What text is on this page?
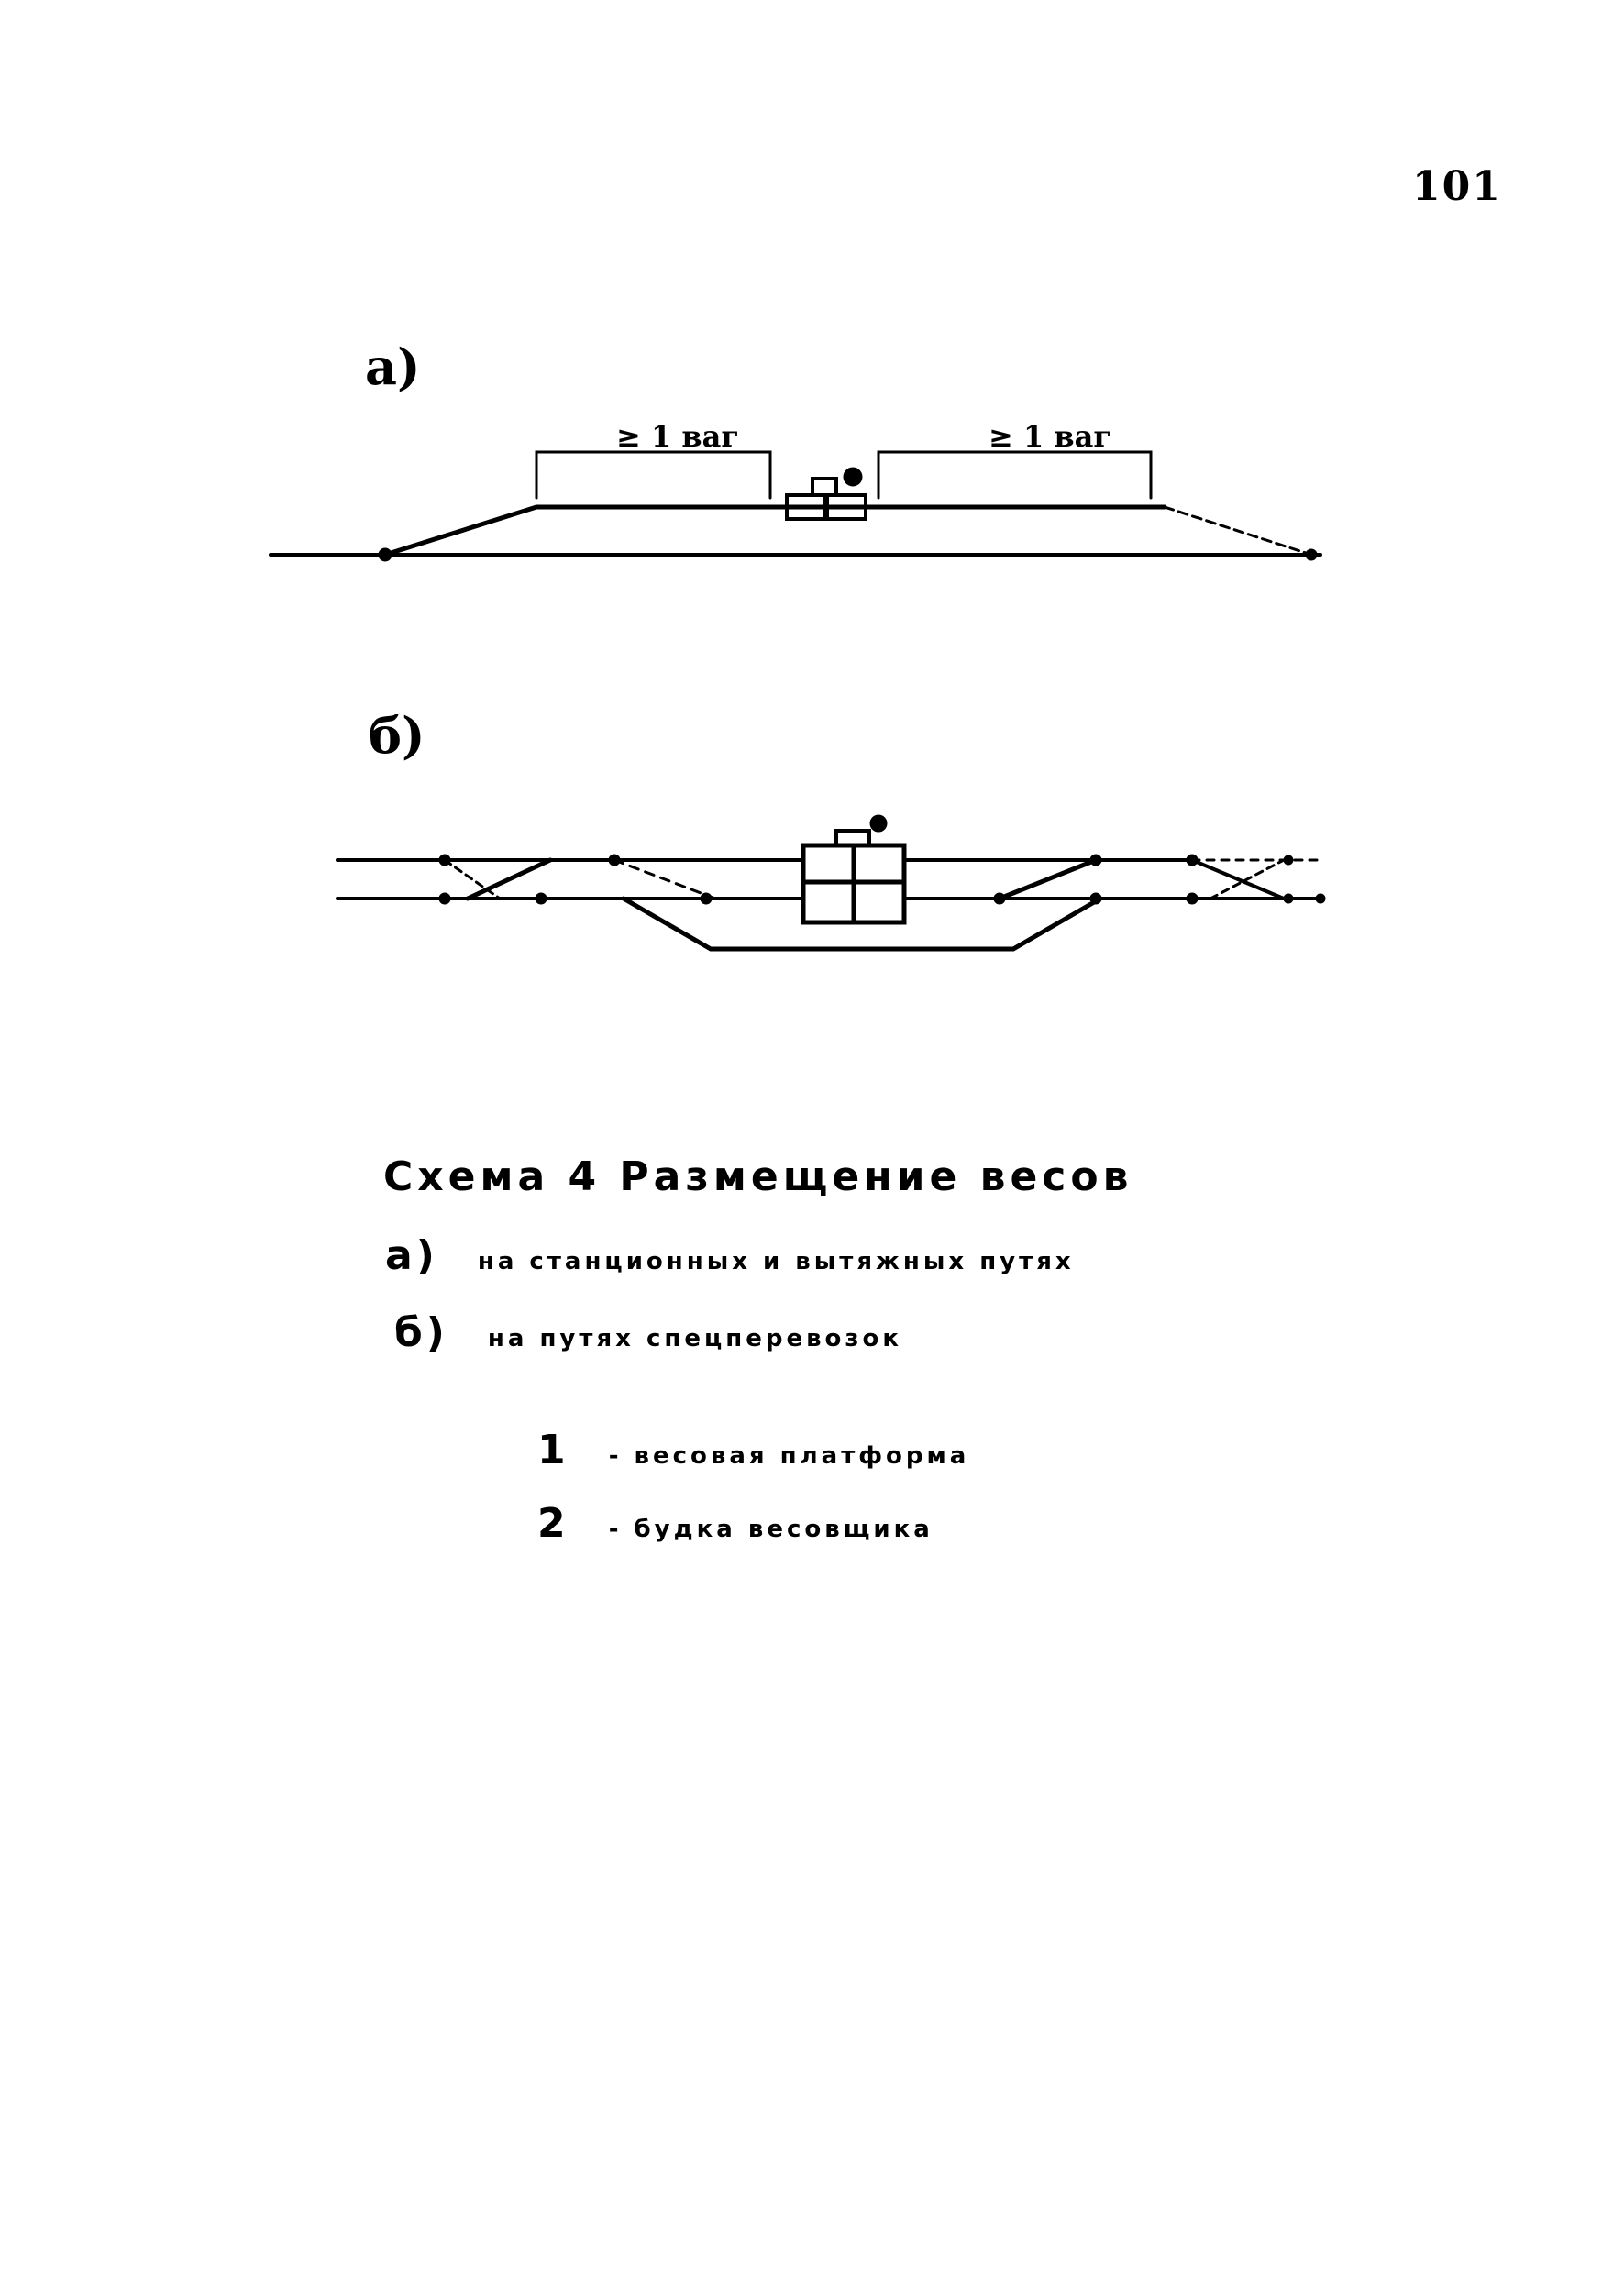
101
а)
≥ 1 ваг	≥ 1 ваг
б)
Схема 4 Размещение весов
а) на станционных и вытяжных путях
б) на путях спецперевозок
1 - весовая платформа
2 - будка весовщика
